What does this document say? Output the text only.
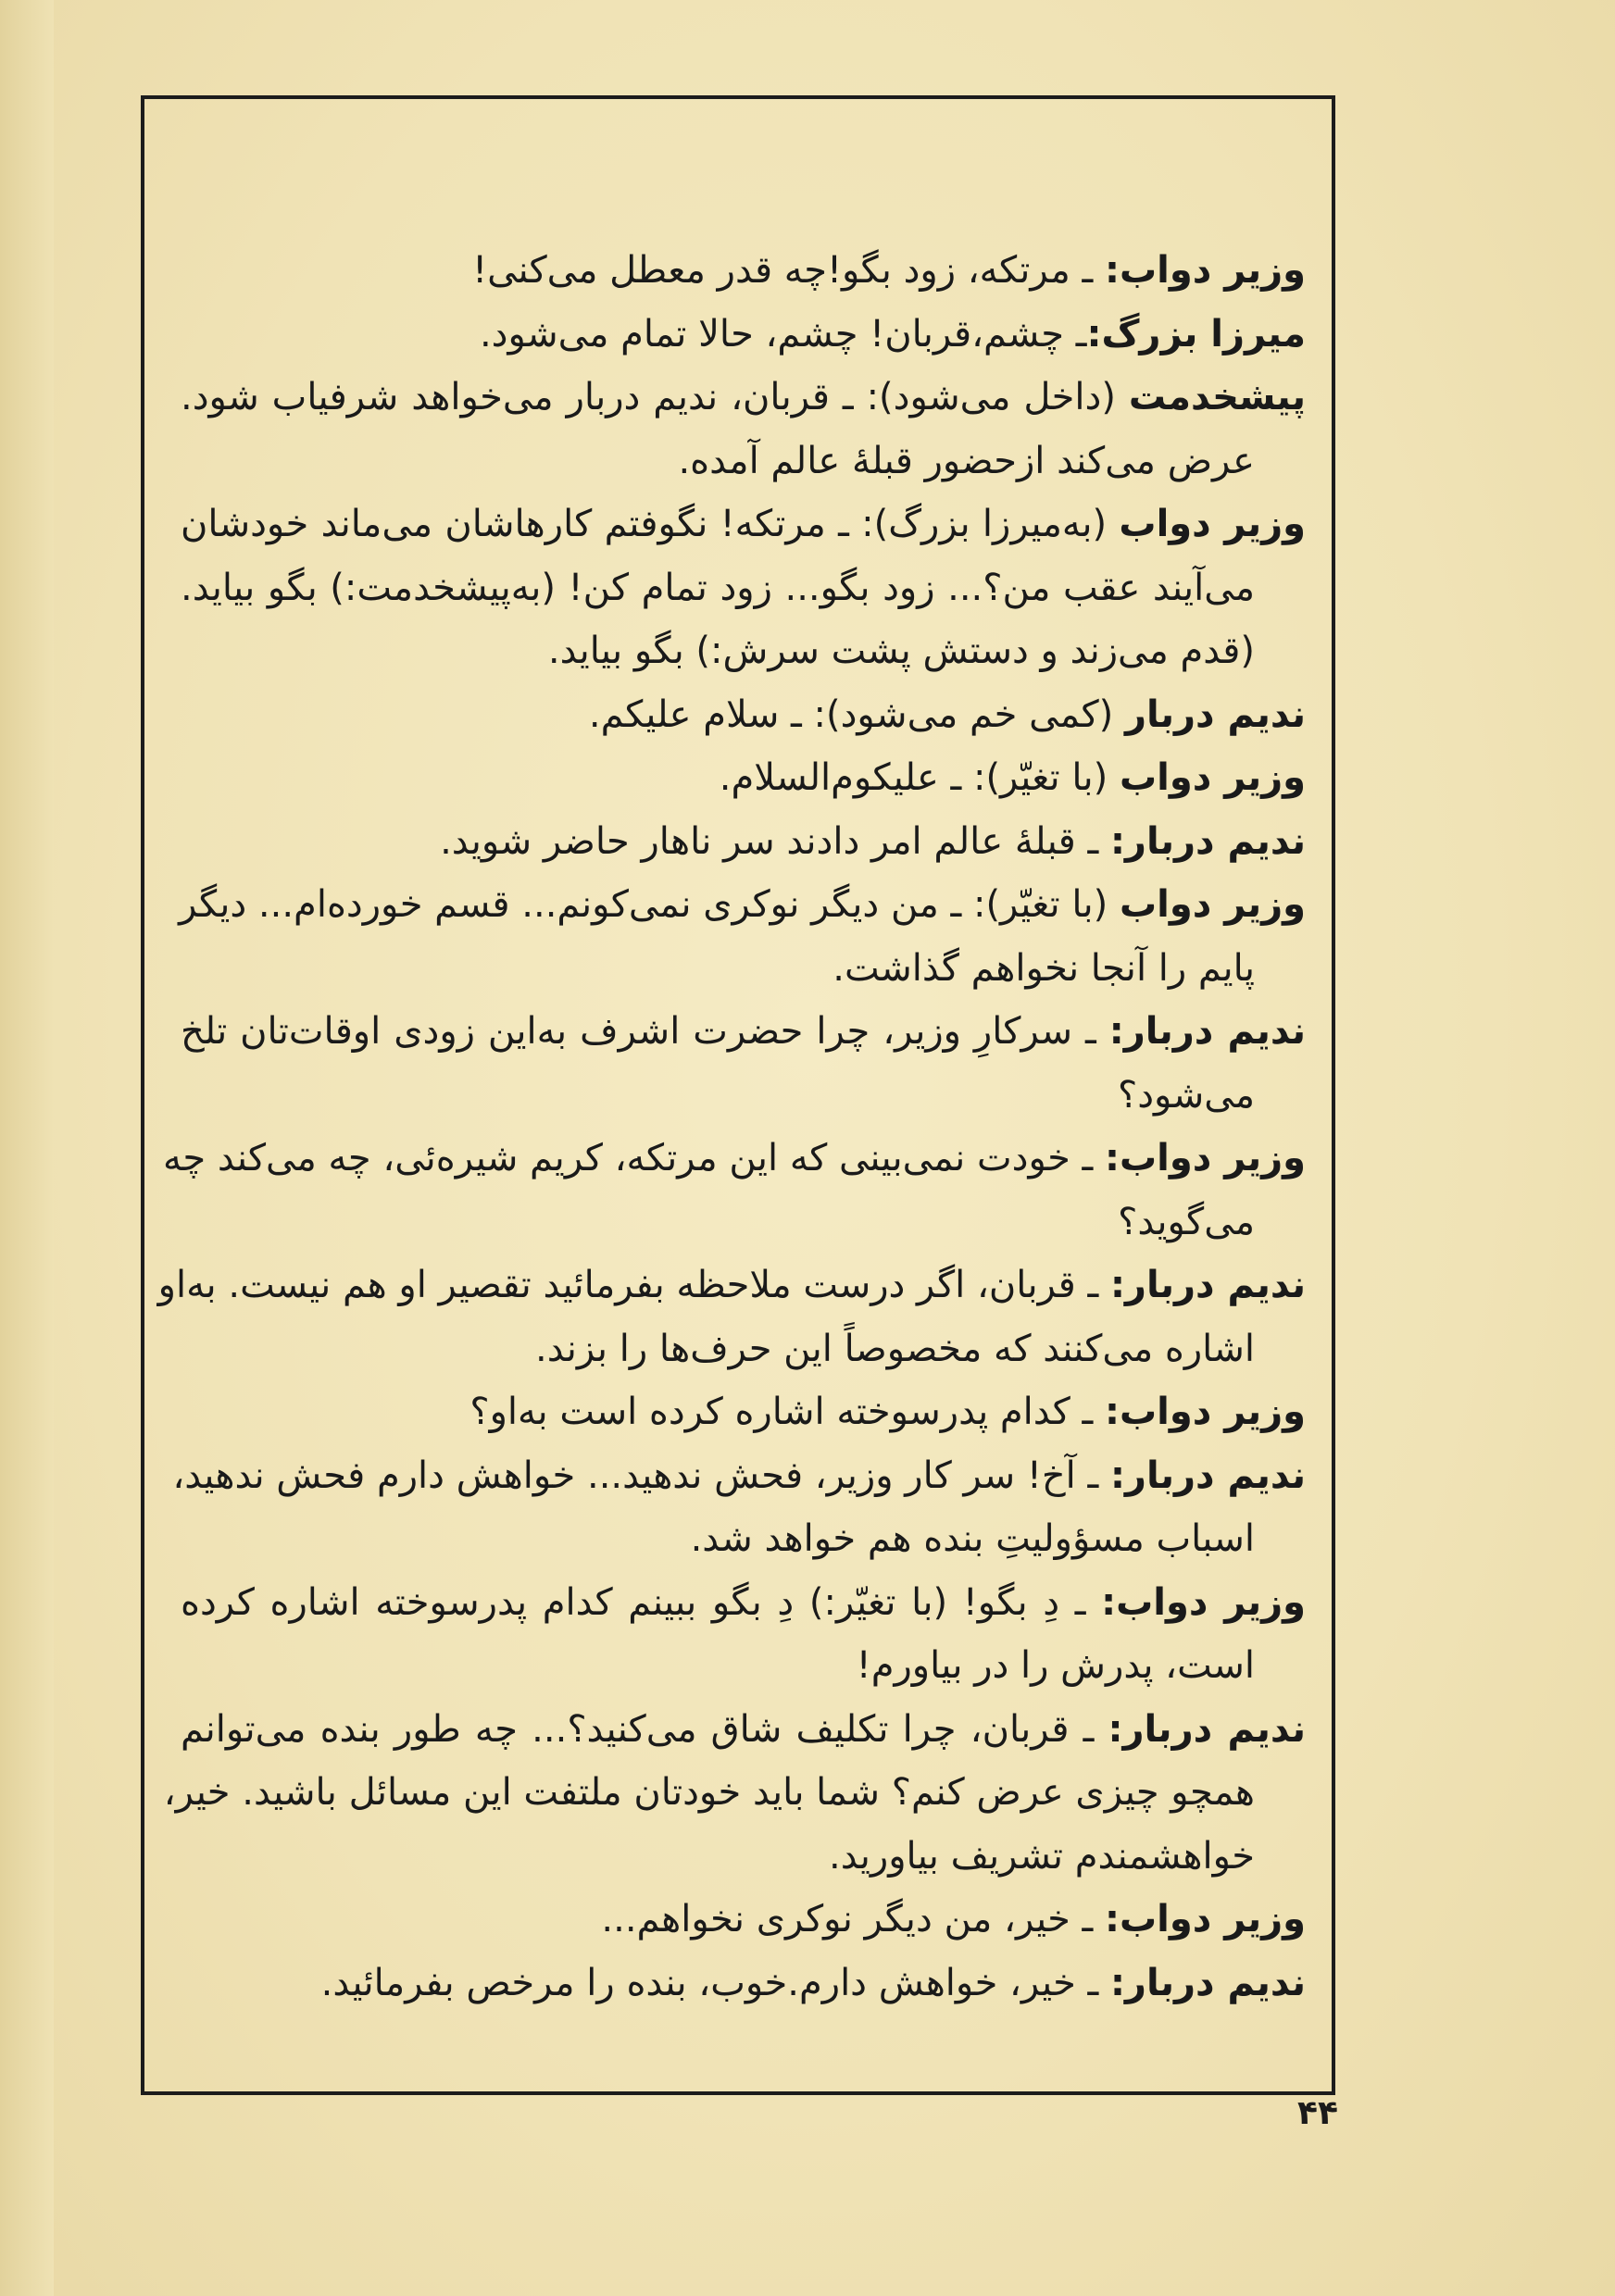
وزیر دواب: ـ مرتکه، زود بگو!چه قدر معطل می‌کنی!
میرزا بزرگ:ـ چشم،قربان! چشم، حالا تمام می‌شود.
پیشخدمت (داخل می‌شود): ـ قربان، ندیم دربار می‌خواهد شرفیاب شود.
عرض می‌کند ازحضور قبلهٔ عالم آمده.
وزیر دواب (به‌میرزا بزرگ): ـ مرتکه! نگوفتم کارهاشان می‌ماند خودشان
می‌آیند عقب من؟... زود بگو... زود تمام کن! (به‌پیشخدمت:) بگو بیاید.
(قدم می‌زند و دستش پشت سرش:) بگو بیاید.
ندیم دربار (کمی خم می‌شود): ـ سلام علیکم.
وزیر دواب (با تغیّر): ـ علیکوم‌السلام.
ندیم دربار: ـ قبلهٔ عالم امر دادند سر ناهار حاضر شوید.
وزیر دواب (با تغیّر): ـ من دیگر نوکری نمی‌کونم... قسم خورده‌ام... دیگر
پایم را آنجا نخواهم گذاشت.
ندیم دربار: ـ سرکارِ وزیر، چرا حضرت اشرف به‌این زودی اوقات‌تان تلخ
می‌شود؟
وزیر دواب: ـ خودت نمی‌بینی که این مرتکه، کریم شیره‌ئی، چه می‌کند چه
می‌گوید؟
ندیم دربار: ـ قربان، اگر درست ملاحظه بفرمائید تقصیر او هم نیست. به‌او
اشاره می‌کنند که مخصوصاً این حرف‌ها را بزند.
وزیر دواب: ـ کدام پدرسوخته اشاره کرده است به‌او؟
ندیم دربار: ـ آخ! سر کار وزیر، فحش ندهید... خواهش دارم فحش ندهید،
اسباب مسؤولیتِ بنده هم خواهد شد.
وزیر دواب: ـ دِ بگو! (با تغیّر:) دِ بگو ببینم کدام پدرسوخته اشاره کرده
است، پدرش را در بیاورم!
ندیم دربار: ـ قربان، چرا تکلیف شاق می‌کنید؟... چه طور بنده می‌توانم
همچو چیزی عرض کنم؟ شما باید خودتان ملتفت این مسائل باشید. خیر،
خواهشمندم تشریف بیاورید.
وزیر دواب: ـ خیر، من دیگر نوکری نخواهم...
ندیم دربار: ـ خیر، خواهش دارم.خوب، بنده را مرخص بفرمائید.
۴۴
